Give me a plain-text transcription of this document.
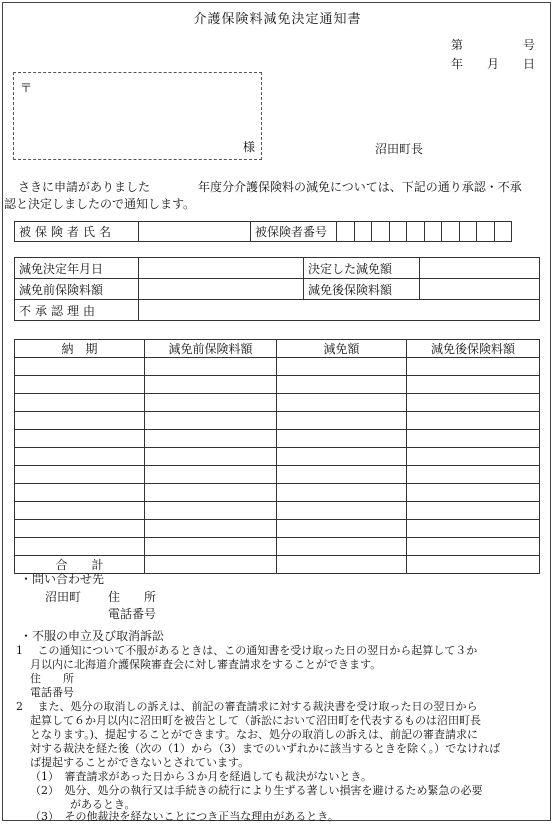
介護保険料減免決定通知書
第　　　　　号
年　　月　　日
〒
様	沼田町長
さきに申請がありました　　　　年度分介護保険料の減免については、下記の通り承認・不承
認と決定しましたので通知します。
被保険者氏名		被保険者番号										
減免決定年月日		決定した減免額	
減免前保険料額		減免後保険料額	
不承認理由			
納　期	減免前保険料額	減免額	減免後保険料額

合　　計			
・問い合わせ先
沼田町 住　　所
電話番号
・不服の申立及び取消訴訟
1　 この通知について不服があるときは、この通知書を受け取った日の翌日から起算して３か
月以内に北海道介護保険審査会に対し審査請求をすることができます。
住　　所
電話番号
2　 また、処分の取消しの訴えは、前記の審査請求に対する裁決書を受け取った日の翌日から
起算して６か月以内に沼田町を被告として（訴訟において沼田町を代表するものは沼田町長
となります。)、提起することができます。なお、処分の取消しの訴えは、前記の審査請求に
対する裁決を経た後（次の（1）から（3）までのいずれかに該当するときを除く。）でなければ
ば提起することができないとされています。
（1）　審査請求があった日から３か月を経過しても裁決がないとき。
（2）　処分、処分の執行又は手続きの続行により生ずる著しい損害を避けるため緊急の必要
があるとき。
（3）　その他裁決を経ないことにつき正当な理由があるとき。
